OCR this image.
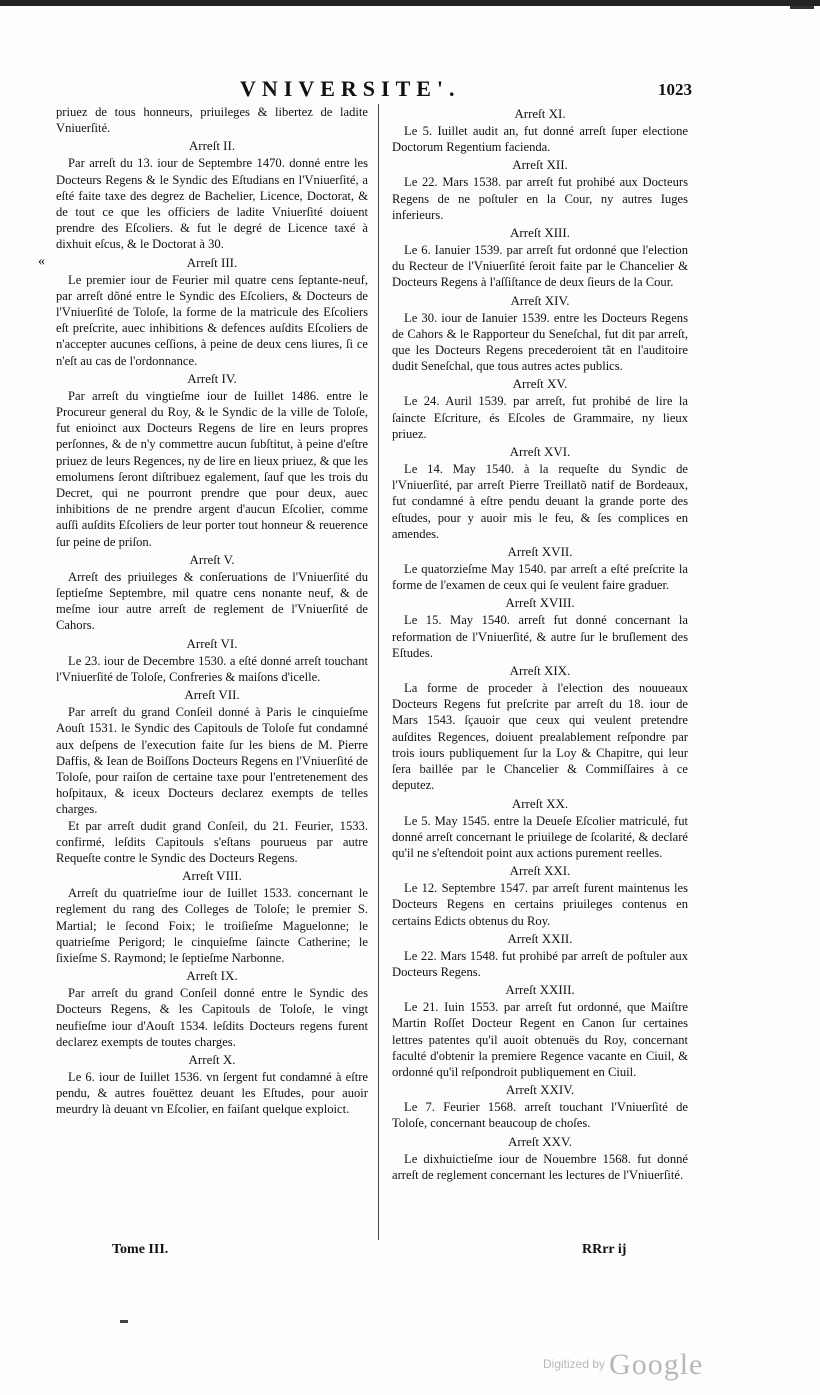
VNIVERSITE'.	1023
«

priuez de tous honneurs, priuileges & libertez de ladite Vniuerſité.

Arreſt II.

Par arreſt du 13. iour de Septembre 1470. donné entre les Docteurs Regens & le Syndic des Eſtudians en l'Vniuerſité, a eſté faite taxe des degrez de Bachelier, Licence, Doctorat, & de tout ce que les officiers de ladite Vniuerſité doiuent prendre des Eſcoliers. & fut le degré de Licence taxé à dixhuit eſcus, & le Doctorat à 30.

Arreſt III.

Le premier iour de Feurier mil quatre cens ſeptante-neuf, par arreſt dõné entre le Syndic des Eſcoliers, & Docteurs de l'Vniuerſité de Toloſe, la forme de la matricule des Eſcoliers eſt preſcrite, auec inhibitions & defences auſdits Eſcoliers de n'accepter aucunes ceſſions, à peine de deux cens liures, ſi ce n'eſt au cas de l'ordonnance.

Arreſt IV.

Par arreſt du vingtieſme iour de Iuillet 1486. entre le Procureur general du Roy, & le Syndic de la ville de Toloſe, fut enioinct aux Docteurs Regens de lire en leurs propres perſonnes, & de n'y commettre aucun ſubſtitut, à peine d'eſtre priuez de leurs Regences, ny de lire en lieux priuez, & que les emolumens ſeront diſtribuez egalement, ſauf que les trois du Decret, qui ne pourront prendre que pour deux, auec inhibitions de ne prendre argent d'aucun Eſcolier, comme auſſi auſdits Eſcoliers de leur porter tout honneur & reuerence ſur peine de priſon.

Arreſt V.

Arreſt des priuileges & conſeruations de l'Vniuerſité du ſeptieſme Septembre, mil quatre cens nonante neuf, & de meſme iour autre arreſt de reglement de l'Vniuerſité de Cahors.

Arreſt VI.

Le 23. iour de Decembre 1530. a eſté donné arreſt touchant l'Vniuerſité de Toloſe, Confreries & maiſons d'icelle.

Arreſt VII.

Par arreſt du grand Conſeil donné à Paris le cinquieſme Aouſt 1531. le Syndic des Capitouls de Toloſe fut condamné aux deſpens de l'execution faite ſur les biens de M. Pierre Daffis, & Iean de Boiſſons Docteurs Regens en l'Vniuerſité de Toloſe, pour raiſon de certaine taxe pour l'entretenement des hoſpitaux, & iceux Docteurs declarez exempts de telles charges.

Et par arreſt dudit grand Conſeil, du 21. Feurier, 1533. confirmé, leſdits Capitouls s'eſtans pourueus par autre Requeſte contre le Syndic des Docteurs Regens.

Arreſt VIII.

Arreſt du quatrieſme iour de Iuillet 1533. concernant le reglement du rang des Colleges de Toloſe; le premier S. Martial; le ſecond Foix; le troiſieſme Maguelonne; le quatrieſme Perigord; le cinquieſme ſaincte Catherine; le ſixieſme S. Raymond; le ſeptieſme Narbonne.

Arreſt IX.

Par arreſt du grand Conſeil donné entre le Syndic des Docteurs Regens, & les Capitouls de Toloſe, le vingt neufieſme iour d'Aouſt 1534. leſdits Docteurs regens furent declarez exempts de toutes charges.

Arreſt X.

Le 6. iour de Iuillet 1536. vn ſergent fut condamné à eſtre pendu, & autres fouëttez deuant les Eſtudes, pour auoir meurdry là deuant vn Eſcolier, en faiſant quelque exploict.

Arreſt XI.

Le 5. Iuillet audit an, fut donné arreſt ſuper electione Doctorum Regentium facienda.

Arreſt XII.

Le 22. Mars 1538. par arreſt fut prohibé aux Docteurs Regens de ne poſtuler en la Cour, ny autres Iuges inferieurs.

Arreſt XIII.

Le 6. Ianuier 1539. par arreſt fut ordonné que l'election du Recteur de l'Vniuerſité ſeroit faite par le Chancelier & Docteurs Regens à l'aſſiſtance de deux ſieurs de la Cour.

Arreſt XIV.

Le 30. iour de Ianuier 1539. entre les Docteurs Regens de Cahors & le Rapporteur du Seneſchal, fut dit par arreſt, que les Docteurs Regens precederoient tãt en l'auditoire dudit Seneſchal, que tous autres actes publics.

Arreſt XV.

Le 24. Auril 1539. par arreſt, fut prohibé de lire la ſaincte Eſcriture, és Eſcoles de Grammaire, ny lieux priuez.

Arreſt XVI.

Le 14. May 1540. à la requeſte du Syndic de l'Vniuerſité, par arreſt Pierre Treillatõ natif de Bordeaux, fut condamné à eſtre pendu deuant la grande porte des eſtudes, pour y auoir mis le feu, & ſes complices en amendes.

Arreſt XVII.

Le quatorzieſme May 1540. par arreſt a eſté preſcrite la forme de l'examen de ceux qui ſe veulent faire graduer.

Arreſt XVIII.

Le 15. May 1540. arreſt fut donné concernant la reformation de l'Vniuerſité, & autre ſur le bruſlement des Eſtudes.

Arreſt XIX.

La forme de proceder à l'election des nouueaux Docteurs Regens fut preſcrite par arreſt du 18. iour de Mars 1543. ſçauoir que ceux qui veulent pretendre auſdites Regences, doiuent prealablement reſpondre par trois iours publiquement ſur la Loy & Chapitre, qui leur ſera baillée par le Chancelier & Commiſſaires à ce deputez.

Arreſt XX.

Le 5. May 1545. entre la Deueſe Eſcolier matriculé, fut donné arreſt concernant le priuilege de ſcolarité, & declaré qu'il ne s'eſtendoit point aux actions purement reelles.

Arreſt XXI.

Le 12. Septembre 1547. par arreſt furent maintenus les Docteurs Regens en certains priuileges contenus en certains Edicts obtenus du Roy.

Arreſt XXII.

Le 22. Mars 1548. fut prohibé par arreſt de poſtuler aux Docteurs Regens.

Arreſt XXIII.

Le 21. Iuin 1553. par arreſt fut ordonné, que Maiſtre Martin Roſſet Docteur Regent en Canon ſur certaines lettres patentes qu'il auoit obtenuës du Roy, concernant faculté d'obtenir la premiere Regence vacante en Ciuil, & ordonné qu'il reſpondroit publiquement en Ciuil.

Arreſt XXIV.

Le 7. Feurier 1568. arreſt touchant l'Vniuerſité de Toloſe, concernant beaucoup de choſes.

Arreſt XXV.

Le dixhuictieſme iour de Nouembre 1568. fut donné arreſt de reglement concernant les lectures de l'Vniuerſité.

Tome III.	RRrr ij
$^{Digitized by}$ Google
